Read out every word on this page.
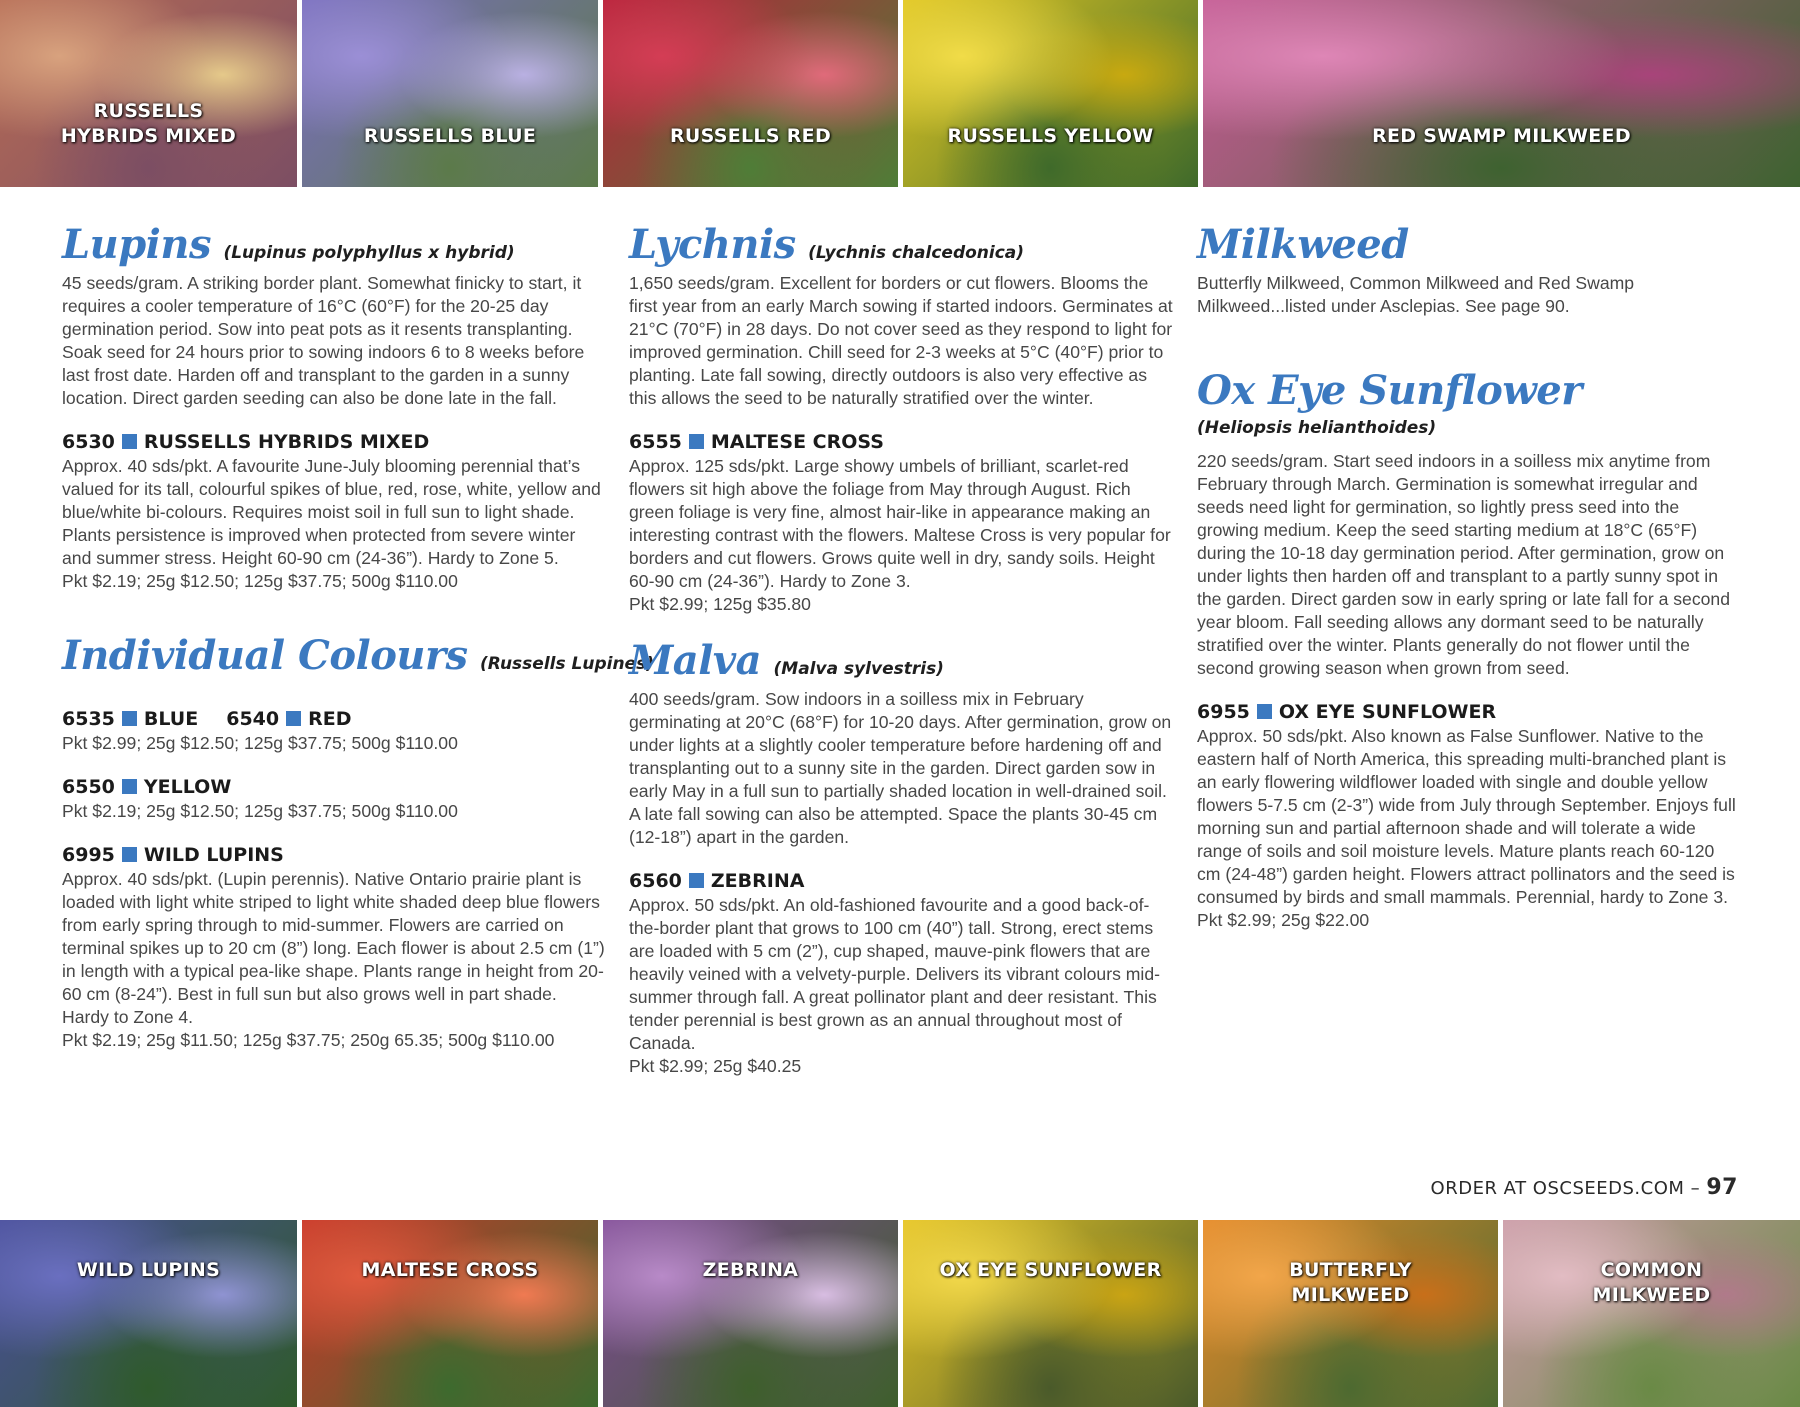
RUSSELLS
HYBRIDS MIXED	RUSSELLS BLUE	RUSSELLS RED	RUSSELLS YELLOW	RED SWAMP MILKWEED
Lupins (Lupinus polyphyllus x hybrid)

45 seeds/gram. A striking border plant. Somewhat finicky to start, it requires a cooler temperature of 16°C (60°F) for the 20-25 day germination period. Sow into peat pots as it resents transplanting. Soak seed for 24 hours prior to sowing indoors 6 to 8 weeks before last frost date. Harden off and transplant to the garden in a sunny location. Direct garden seeding can also be done late in the fall.

6530 RUSSELLS HYBRIDS MIXED

Approx. 40 sds/pkt. A favourite June-July blooming perennial that’s valued for its tall, colourful spikes of blue, red, rose, white, yellow and blue/white bi-colours. Requires moist soil in full sun to light shade. Plants persistence is improved when protected from severe winter and summer stress. Height 60-90 cm (24-36”). Hardy to Zone 5.

Pkt $2.19; 25g $12.50; 125g $37.75; 500g $110.00

Individual Colours (Russells Lupines)
6535 BLUE 6540 RED

Pkt $2.99; 25g $12.50; 125g $37.75; 500g $110.00

6550 YELLOW

Pkt $2.19; 25g $12.50; 125g $37.75; 500g $110.00

6995 WILD LUPINS

Approx. 40 sds/pkt. (Lupin perennis). Native Ontario prairie plant is loaded with light white striped to light white shaded deep blue flowers from early spring through to mid-summer. Flowers are carried on terminal spikes up to 20 cm (8”) long. Each flower is about 2.5 cm (1”) in length with a typical pea-like shape. Plants range in height from 20-60 cm (8-24”). Best in full sun but also grows well in part shade. Hardy to Zone 4.

Pkt $2.19; 25g $11.50; 125g $37.75; 250g 65.35; 500g $110.00

Lychnis (Lychnis chalcedonica)

1,650 seeds/gram. Excellent for borders or cut flowers. Blooms the first year from an early March sowing if started indoors. Germinates at 21°C (70°F) in 28 days. Do not cover seed as they respond to light for improved germination. Chill seed for 2-3 weeks at 5°C (40°F) prior to planting. Late fall sowing, directly outdoors is also very effective as this allows the seed to be naturally stratified over the winter.

6555 MALTESE CROSS

Approx. 125 sds/pkt. Large showy umbels of brilliant, scarlet-red flowers sit high above the foliage from May through August. Rich green foliage is very fine, almost hair-like in appearance making an interesting contrast with the flowers. Maltese Cross is very popular for borders and cut flowers. Grows quite well in dry, sandy soils. Height 60-90 cm (24-36”). Hardy to Zone 3.

Pkt $2.99; 125g $35.80

Malva (Malva sylvestris)

400 seeds/gram. Sow indoors in a soilless mix in February germinating at 20°C (68°F) for 10-20 days. After germination, grow on under lights at a slightly cooler temperature before hardening off and transplanting out to a sunny site in the garden. Direct garden sow in early May in a full sun to partially shaded location in well-drained soil. A late fall sowing can also be attempted. Space the plants 30-45 cm (12-18”) apart in the garden.

6560 ZEBRINA

Approx. 50 sds/pkt. An old-fashioned favourite and a good back-of-the-border plant that grows to 100 cm (40”) tall. Strong, erect stems are loaded with 5 cm (2”), cup shaped, mauve-pink flowers that are heavily veined with a velvety-purple. Delivers its vibrant colours mid-summer through fall. A great pollinator plant and deer resistant. This tender perennial is best grown as an annual throughout most of Canada.

Pkt $2.99; 25g $40.25

Milkweed

Butterfly Milkweed, Common Milkweed and Red Swamp Milkweed...listed under Asclepias. See page 90.

Ox Eye Sunflower
(Heliopsis helianthoides)

220 seeds/gram. Start seed indoors in a soilless mix anytime from February through March. Germination is somewhat irregular and seeds need light for germination, so lightly press seed into the growing medium. Keep the seed starting medium at 18°C (65°F) during the 10-18 day germination period. After germination, grow on under lights then harden off and transplant to a partly sunny spot in the garden. Direct garden sow in early spring or late fall for a second year bloom. Fall seeding allows any dormant seed to be naturally stratified over the winter. Plants generally do not flower until the second growing season when grown from seed.

6955 OX EYE SUNFLOWER

Approx. 50 sds/pkt. Also known as False Sunflower. Native to the eastern half of North America, this spreading multi-branched plant is an early flowering wildflower loaded with single and double yellow flowers 5-7.5 cm (2-3”) wide from July through September. Enjoys full morning sun and partial afternoon shade and will tolerate a wide range of soils and soil moisture levels. Mature plants reach 60-120 cm (24-48”) garden height. Flowers attract pollinators and the seed is consumed by birds and small mammals. Perennial, hardy to Zone 3.

Pkt $2.99; 25g $22.00

ORDER AT OSCSEEDS.COM – 97
WILD LUPINS	MALTESE CROSS	ZEBRINA	OX EYE SUNFLOWER	BUTTERFLY
MILKWEED
COMMON
MILKWEED
